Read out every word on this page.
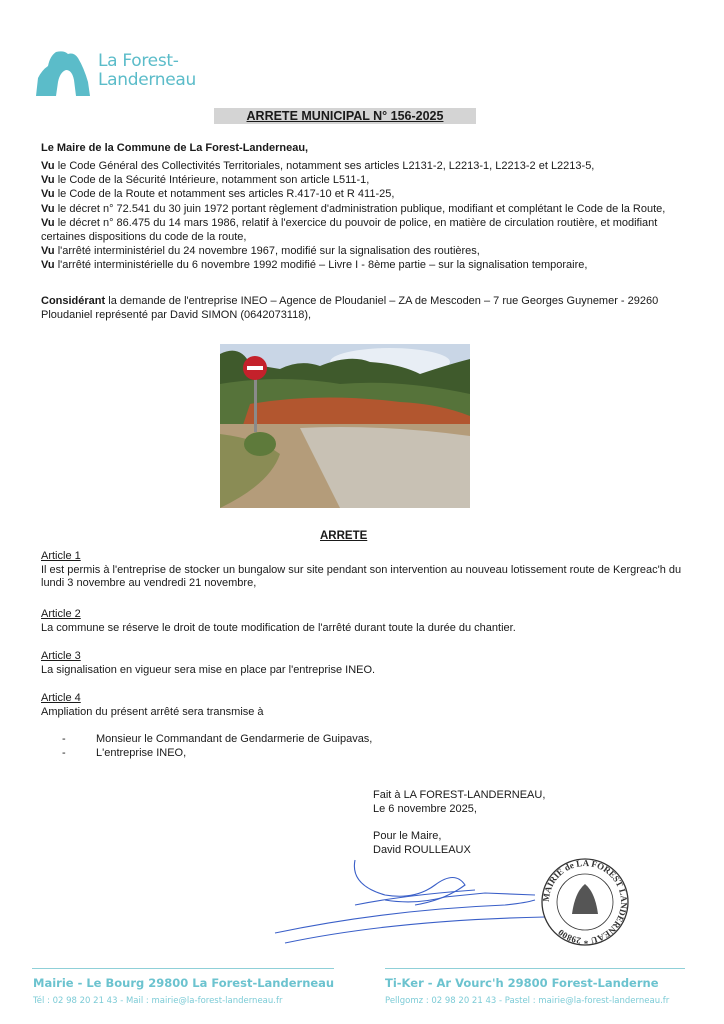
La Forest-
Landerneau
ARRETE MUNICIPAL N° 156-2025
Le Maire de la Commune de La Forest-Landerneau,

Vu le Code Général des Collectivités Territoriales, notamment ses articles L2131-2, L2213-1, L2213-2 et L2213-5,

Vu le Code de la Sécurité Intérieure, notamment son article L511-1,

Vu le Code de la Route et notamment ses articles R.417-10 et R 411-25,

Vu le décret n° 72.541 du 30 juin 1972 portant règlement d'administration publique, modifiant et complétant le Code de la Route,

Vu le décret n° 86.475 du 14 mars 1986, relatif à l'exercice du pouvoir de police, en matière de circulation routière, et modifiant certaines dispositions du code de la route,

Vu l'arrêté interministériel du 24 novembre 1967, modifié sur la signalisation des routières,

Vu l'arrêté interministérielle du 6 novembre 1992 modifié – Livre I - 8ème partie – sur la signalisation temporaire,

Considérant la demande de l'entreprise INEO – Agence de Ploudaniel – ZA de Mescoden – 7 rue Georges Guynemer - 29260 Ploudaniel représenté par David SIMON (0642073118),
ARRETE

Article 1

Il est permis à l'entreprise de stocker un bungalow sur site pendant son intervention au nouveau lotissement route de Kergreac'h du lundi 3 novembre au vendredi 21 novembre,

Article 2

La commune se réserve le droit de toute modification de l'arrêté durant toute la durée du chantier.

Article 3

La signalisation en vigueur sera mise en place par l'entreprise INEO.

Article 4

Ampliation du présent arrêté sera transmise à

-	Monsieur le Commandant de Gendarmerie de Guipavas,
-	L'entreprise INEO,
Fait à LA FOREST-LANDERNEAU,
Le 6 novembre 2025,
Pour le Maire,
David ROULLEAUX
MAIRIE de LA FOREST LANDERNEAU * 29800
Mairie - Le Bourg 29800 La Forest-Landerneau
Tél : 02 98 20 21 43 - Mail : mairie@la-forest-landerneau.fr
Ti-Ker - Ar Vourc'h 29800 Forest-Landerne
Pellgomz : 02 98 20 21 43 - Pastel : mairie@la-forest-landerneau.fr
